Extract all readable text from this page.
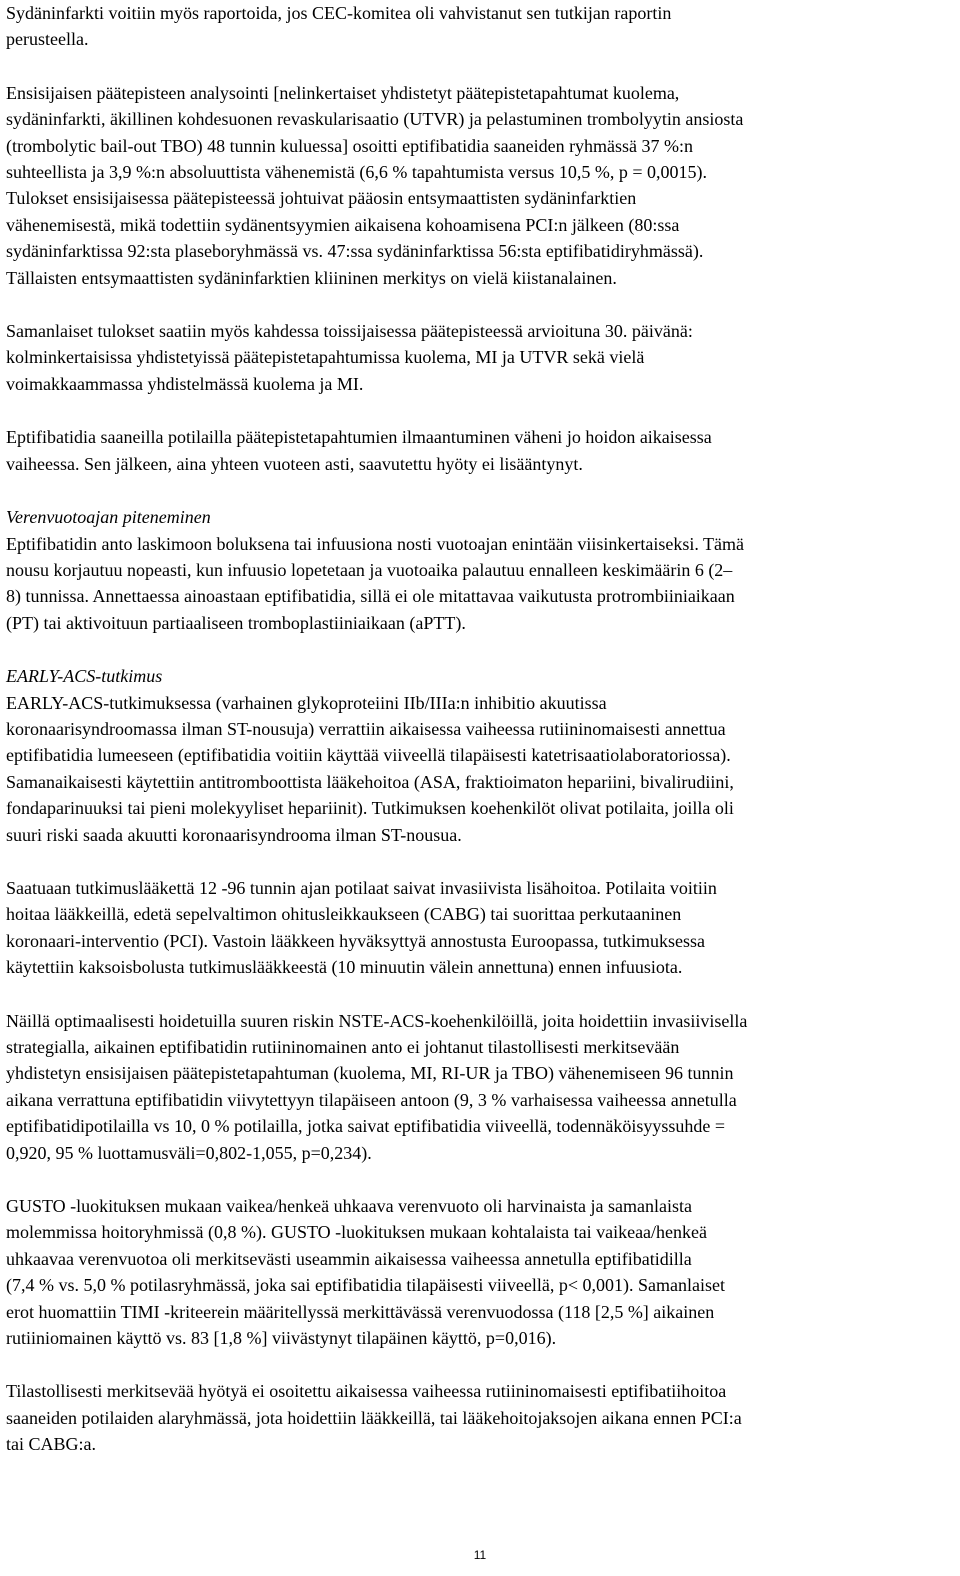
Sydäninfarkti voitiin myös raportoida, jos CEC-komitea oli vahvistanut sen tutkijan raportin
perusteella.

Ensisijaisen päätepisteen analysointi [nelinkertaiset yhdistetyt päätepistetapahtumat kuolema,
sydäninfarkti, äkillinen kohdesuonen revaskularisaatio (UTVR) ja pelastuminen trombolyytin ansiosta
(trombolytic bail-out TBO) 48 tunnin kuluessa] osoitti eptifibatidia saaneiden ryhmässä 37 %:n
suhteellista ja 3,9 %:n absoluuttista vähenemistä (6,6 % tapahtumista versus 10,5 %, p = 0,0015).
Tulokset ensisijaisessa päätepisteessä johtuivat pääosin entsymaattisten sydäninfarktien
vähenemisestä, mikä todettiin sydänentsyymien aikaisena kohoamisena PCI:n jälkeen (80:ssa
sydäninfarktissa 92:sta plaseboryhmässä vs. 47:ssa sydäninfarktissa 56:sta eptifibatidiryhmässä).
Tällaisten entsymaattisten sydäninfarktien kliininen merkitys on vielä kiistanalainen.

Samanlaiset tulokset saatiin myös kahdessa toissijaisessa päätepisteessä arvioituna 30. päivänä:
kolminkertaisissa yhdistetyissä päätepistetapahtumissa kuolema, MI ja UTVR sekä vielä
voimakkaammassa yhdistelmässä kuolema ja MI.

Eptifibatidia saaneilla potilailla päätepistetapahtumien ilmaantuminen väheni jo hoidon aikaisessa
vaiheessa. Sen jälkeen, aina yhteen vuoteen asti, saavutettu hyöty ei lisääntynyt.

Verenvuotoajan piteneminen

Eptifibatidin anto laskimoon boluksena tai infuusiona nosti vuotoajan enintään viisinkertaiseksi. Tämä
nousu korjautuu nopeasti, kun infuusio lopetetaan ja vuotoaika palautuu ennalleen keskimäärin 6 (2–
8) tunnissa. Annettaessa ainoastaan eptifibatidia, sillä ei ole mitattavaa vaikutusta protrombiiniaikaan
(PT) tai aktivoituun partiaaliseen tromboplastiiniaikaan (aPTT).

EARLY-ACS-tutkimus

EARLY-ACS-tutkimuksessa (varhainen glykoproteiini IIb/IIIa:n inhibitio akuutissa
koronaarisyndroomassa ilman ST-nousuja) verrattiin aikaisessa vaiheessa rutiininomaisesti annettua
eptifibatidia lumeeseen (eptifibatidia voitiin käyttää viiveellä tilapäisesti katetrisaatiolaboratoriossa).
Samanaikaisesti käytettiin antitromboottista lääkehoitoa (ASA, fraktioimaton hepariini, bivalirudiini,
fondaparinuuksi tai pieni molekyyliset hepariinit). Tutkimuksen koehenkilöt olivat potilaita, joilla oli
suuri riski saada akuutti koronaarisyndrooma ilman ST-nousua.

Saatuaan tutkimuslääkettä 12 -96 tunnin ajan potilaat saivat invasiivista lisähoitoa. Potilaita voitiin
hoitaa lääkkeillä, edetä sepelvaltimon ohitusleikkaukseen (CABG) tai suorittaa perkutaaninen
koronaari-interventio (PCI). Vastoin lääkkeen hyväksyttyä annostusta Euroopassa, tutkimuksessa
käytettiin kaksoisbolusta tutkimuslääkkeestä (10 minuutin välein annettuna) ennen infuusiota.

Näillä optimaalisesti hoidetuilla suuren riskin NSTE-ACS-koehenkilöillä, joita hoidettiin invasiivisella
strategialla, aikainen eptifibatidin rutiininomainen anto ei johtanut tilastollisesti merkitsevään
yhdistetyn ensisijaisen päätepistetapahtuman (kuolema, MI, RI-UR ja TBO) vähenemiseen 96 tunnin
aikana verrattuna eptifibatidin viivytettyyn tilapäiseen antoon (9, 3 % varhaisessa vaiheessa annetulla
eptifibatidipotilailla vs 10, 0 % potilailla, jotka saivat eptifibatidia viiveellä, todennäköisyyssuhde =
0,920, 95 % luottamusväli=0,802-1,055, p=0,234).

GUSTO -luokituksen mukaan vaikea/henkeä uhkaava verenvuoto oli harvinaista ja samanlaista
molemmissa hoitoryhmissä (0,8 %). GUSTO -luokituksen mukaan kohtalaista tai vaikeaa/henkeä
uhkaavaa verenvuotoa oli merkitsevästi useammin aikaisessa vaiheessa annetulla eptifibatidilla
(7,4 % vs. 5,0 % potilasryhmässä, joka sai eptifibatidia tilapäisesti viiveellä, p< 0,001). Samanlaiset
erot huomattiin TIMI -kriteerein määritellyssä merkittävässä verenvuodossa (118 [2,5 %] aikainen
rutiiniomainen käyttö vs. 83 [1,8 %] viivästynyt tilapäinen käyttö, p=0,016).

Tilastollisesti merkitsevää hyötyä ei osoitettu aikaisessa vaiheessa rutiininomaisesti eptifibatiihoitoa
saaneiden potilaiden alaryhmässä, jota hoidettiin lääkkeillä, tai lääkehoitojaksojen aikana ennen PCI:a
tai CABG:a.

11
